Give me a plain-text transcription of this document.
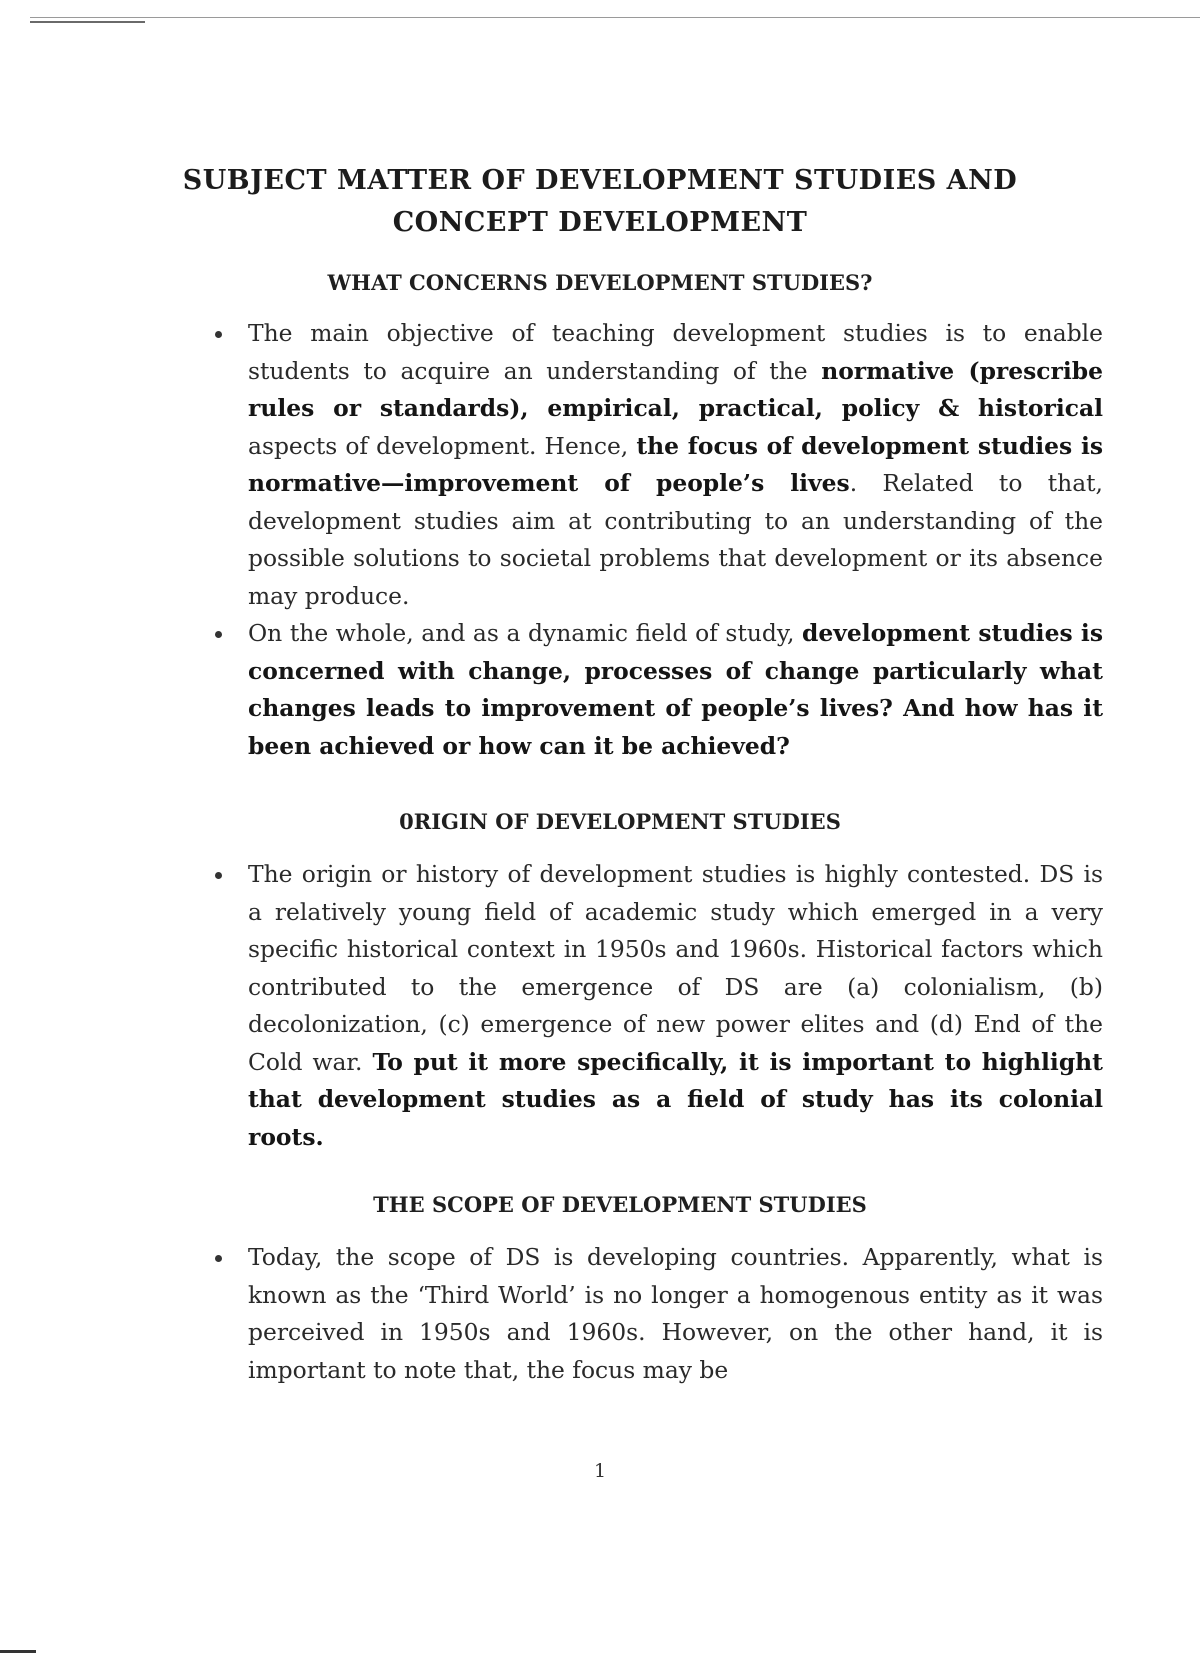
SUBJECT MATTER OF DEVELOPMENT STUDIES AND CONCEPT DEVELOPMENT
WHAT CONCERNS DEVELOPMENT STUDIES?
The main objective of teaching development studies is to enable students to acquire an understanding of the normative (prescribe rules or standards), empirical, practical, policy & historical aspects of development. Hence, the focus of development studies is normative—improvement of people’s lives. Related to that, development studies aim at contributing to an understanding of the possible solutions to societal problems that development or its absence may produce.
On the whole, and as a dynamic field of study, development studies is concerned with change, processes of change particularly what changes leads to improvement of people’s lives? And how has it been achieved or how can it be achieved?
0RIGIN OF DEVELOPMENT STUDIES
The origin or history of development studies is highly contested. DS is a relatively young field of academic study which emerged in a very specific historical context in 1950s and 1960s. Historical factors which contributed to the emergence of DS are (a) colonialism, (b) decolonization, (c) emergence of new power elites and (d) End of the Cold war. To put it more specifically, it is important to highlight that development studies as a field of study has its colonial roots.
THE SCOPE OF DEVELOPMENT STUDIES
Today, the scope of DS is developing countries. Apparently, what is known as the ‘Third World’ is no longer a homogenous entity as it was perceived in 1950s and 1960s. However, on the other hand, it is important to note that, the focus may be
1
